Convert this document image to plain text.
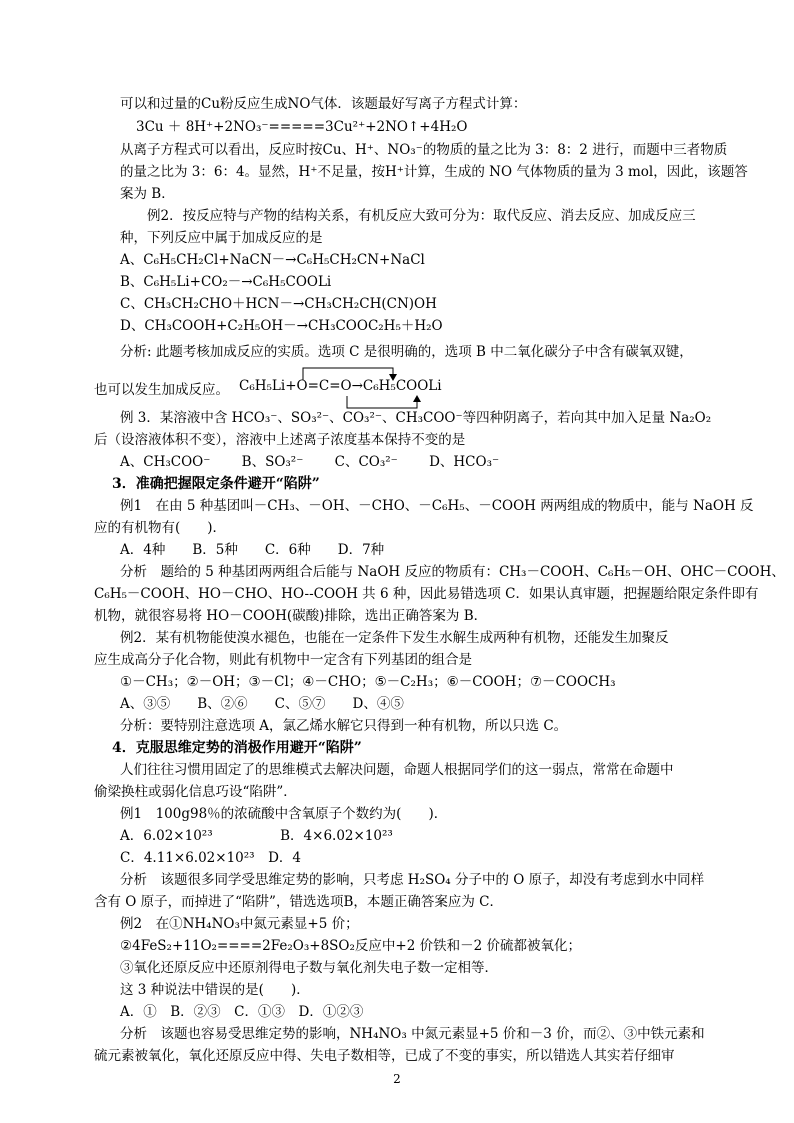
可以和过量的Cu粉反应生成NO气体．该题最好写离子方程式计算：
3Cu ＋ 8H⁺+2NO₃⁻=====3Cu²⁺+2NO↑+4H₂O
从离子方程式可以看出，反应时按Cu、H⁺、NO₃⁻的物质的量之比为 3：8：2 进行，而题中三者物质
的量之比为 3：6：4。显然，H⁺不足量，按H⁺计算，生成的 NO 气体物质的量为 3 mol，因此，该题答
案为 B．
例2．按反应特与产物的结构关系，有机反应大致可分为：取代反应、消去反应、加成反应三
种，下列反应中属于加成反应的是
A、C₆H₅CH₂Cl+NaCN－→C₆H₅CH₂CN+NaCl
B、C₆H₅Li+CO₂－→C₆H₅COOLi
C、CH₃CH₂CHO＋HCN－→CH₃CH₂CH(CN)OH
D、CH₃COOH+C₂H₅OH－→CH₃COOC₂H₅＋H₂O
分析: 此题考核加成反应的实质。选项 C 是很明确的，选项 B 中二氧化碳分子中含有碳氧双键，
也可以发生加成反应。 C₆H₅Li+O=C=O→C₆H₅COOLi
例 3．某溶液中含 HCO₃⁻、SO₃²⁻、CO₃²⁻、CH₃COO⁻等四种阴离子，若向其中加入足量 Na₂O₂
后（设溶液体积不变），溶液中上述离子浓度基本保持不变的是
A、CH₃COO⁻　　 B、SO₃²⁻　　 C、CO₃²⁻　　 D、HCO₃⁻
3．准确把握限定条件避开“陷阱”
例1　在由 5 种基团叫－CH₃、－OH、－CHO、－C₆H₅、－COOH 两两组成的物质中，能与 NaOH 反
应的有机物有(　　)．
A．4种　　B．5种　　C．6种　　D．7种
分析　题给的 5 种基团两两组合后能与 NaOH 反应的物质有：CH₃－COOH、C₆H₅－OH、OHC－COOH、
C₆H₅－COOH、HO－CHO、HO--COOH 共 6 种，因此易错选项 C．如果认真审题，把握题给限定条件即有
机物，就很容易将 HO－COOH(碳酸)排除，选出正确答案为 B．
例2．某有机物能使溴水褪色，也能在一定条件下发生水解生成两种有机物，还能发生加聚反
应生成高分子化合物，则此有机物中一定含有下列基团的组合是
①－CH₃；②－OH；③－Cl；④－CHO；⑤－C₂H₃；⑥－COOH；⑦－COOCH₃
A、③⑤　　B、②⑥　　C、⑤⑦　　D、④⑤
分析：要特别注意选项 A，氯乙烯水解它只得到一种有机物，所以只选 C。
4．克服思维定势的消极作用避开“陷阱”
人们往往习惯用固定了的思维模式去解决问题，命题人根据同学们的这一弱点，常常在命题中
偷梁换柱或弱化信息巧设“陷阱”．
例1　100g98％的浓硫酸中含氧原子个数约为(　　)．
A．6.02×10²³　　　　　B．4×6.02×10²³
C．4.11×6.02×10²³　D．4
分析　该题很多同学受思维定势的影响，只考虑 H₂SO₄ 分子中的 O 原子，却没有考虑到水中同样
含有 O 原子，而掉进了“陷阱”，错选选项B，本题正确答案应为 C．
例2　在①NH₄NO₃中氮元素显+5 价；
②4FeS₂+11O₂====2Fe₂O₃+8SO₂反应中+2 价铁和－2 价硫都被氧化；
③氧化还原反应中还原剂得电子数与氧化剂失电子数一定相等．
这 3 种说法中错误的是(　　)．
A．①　B．②③　C．①③　D．①②③
分析　该题也容易受思维定势的影响，NH₄NO₃ 中氮元素显+5 价和－3 价，而②、③中铁元素和
硫元素被氧化，氧化还原反应中得、失电子数相等，已成了不变的事实，所以错选人其实若仔细审
2
